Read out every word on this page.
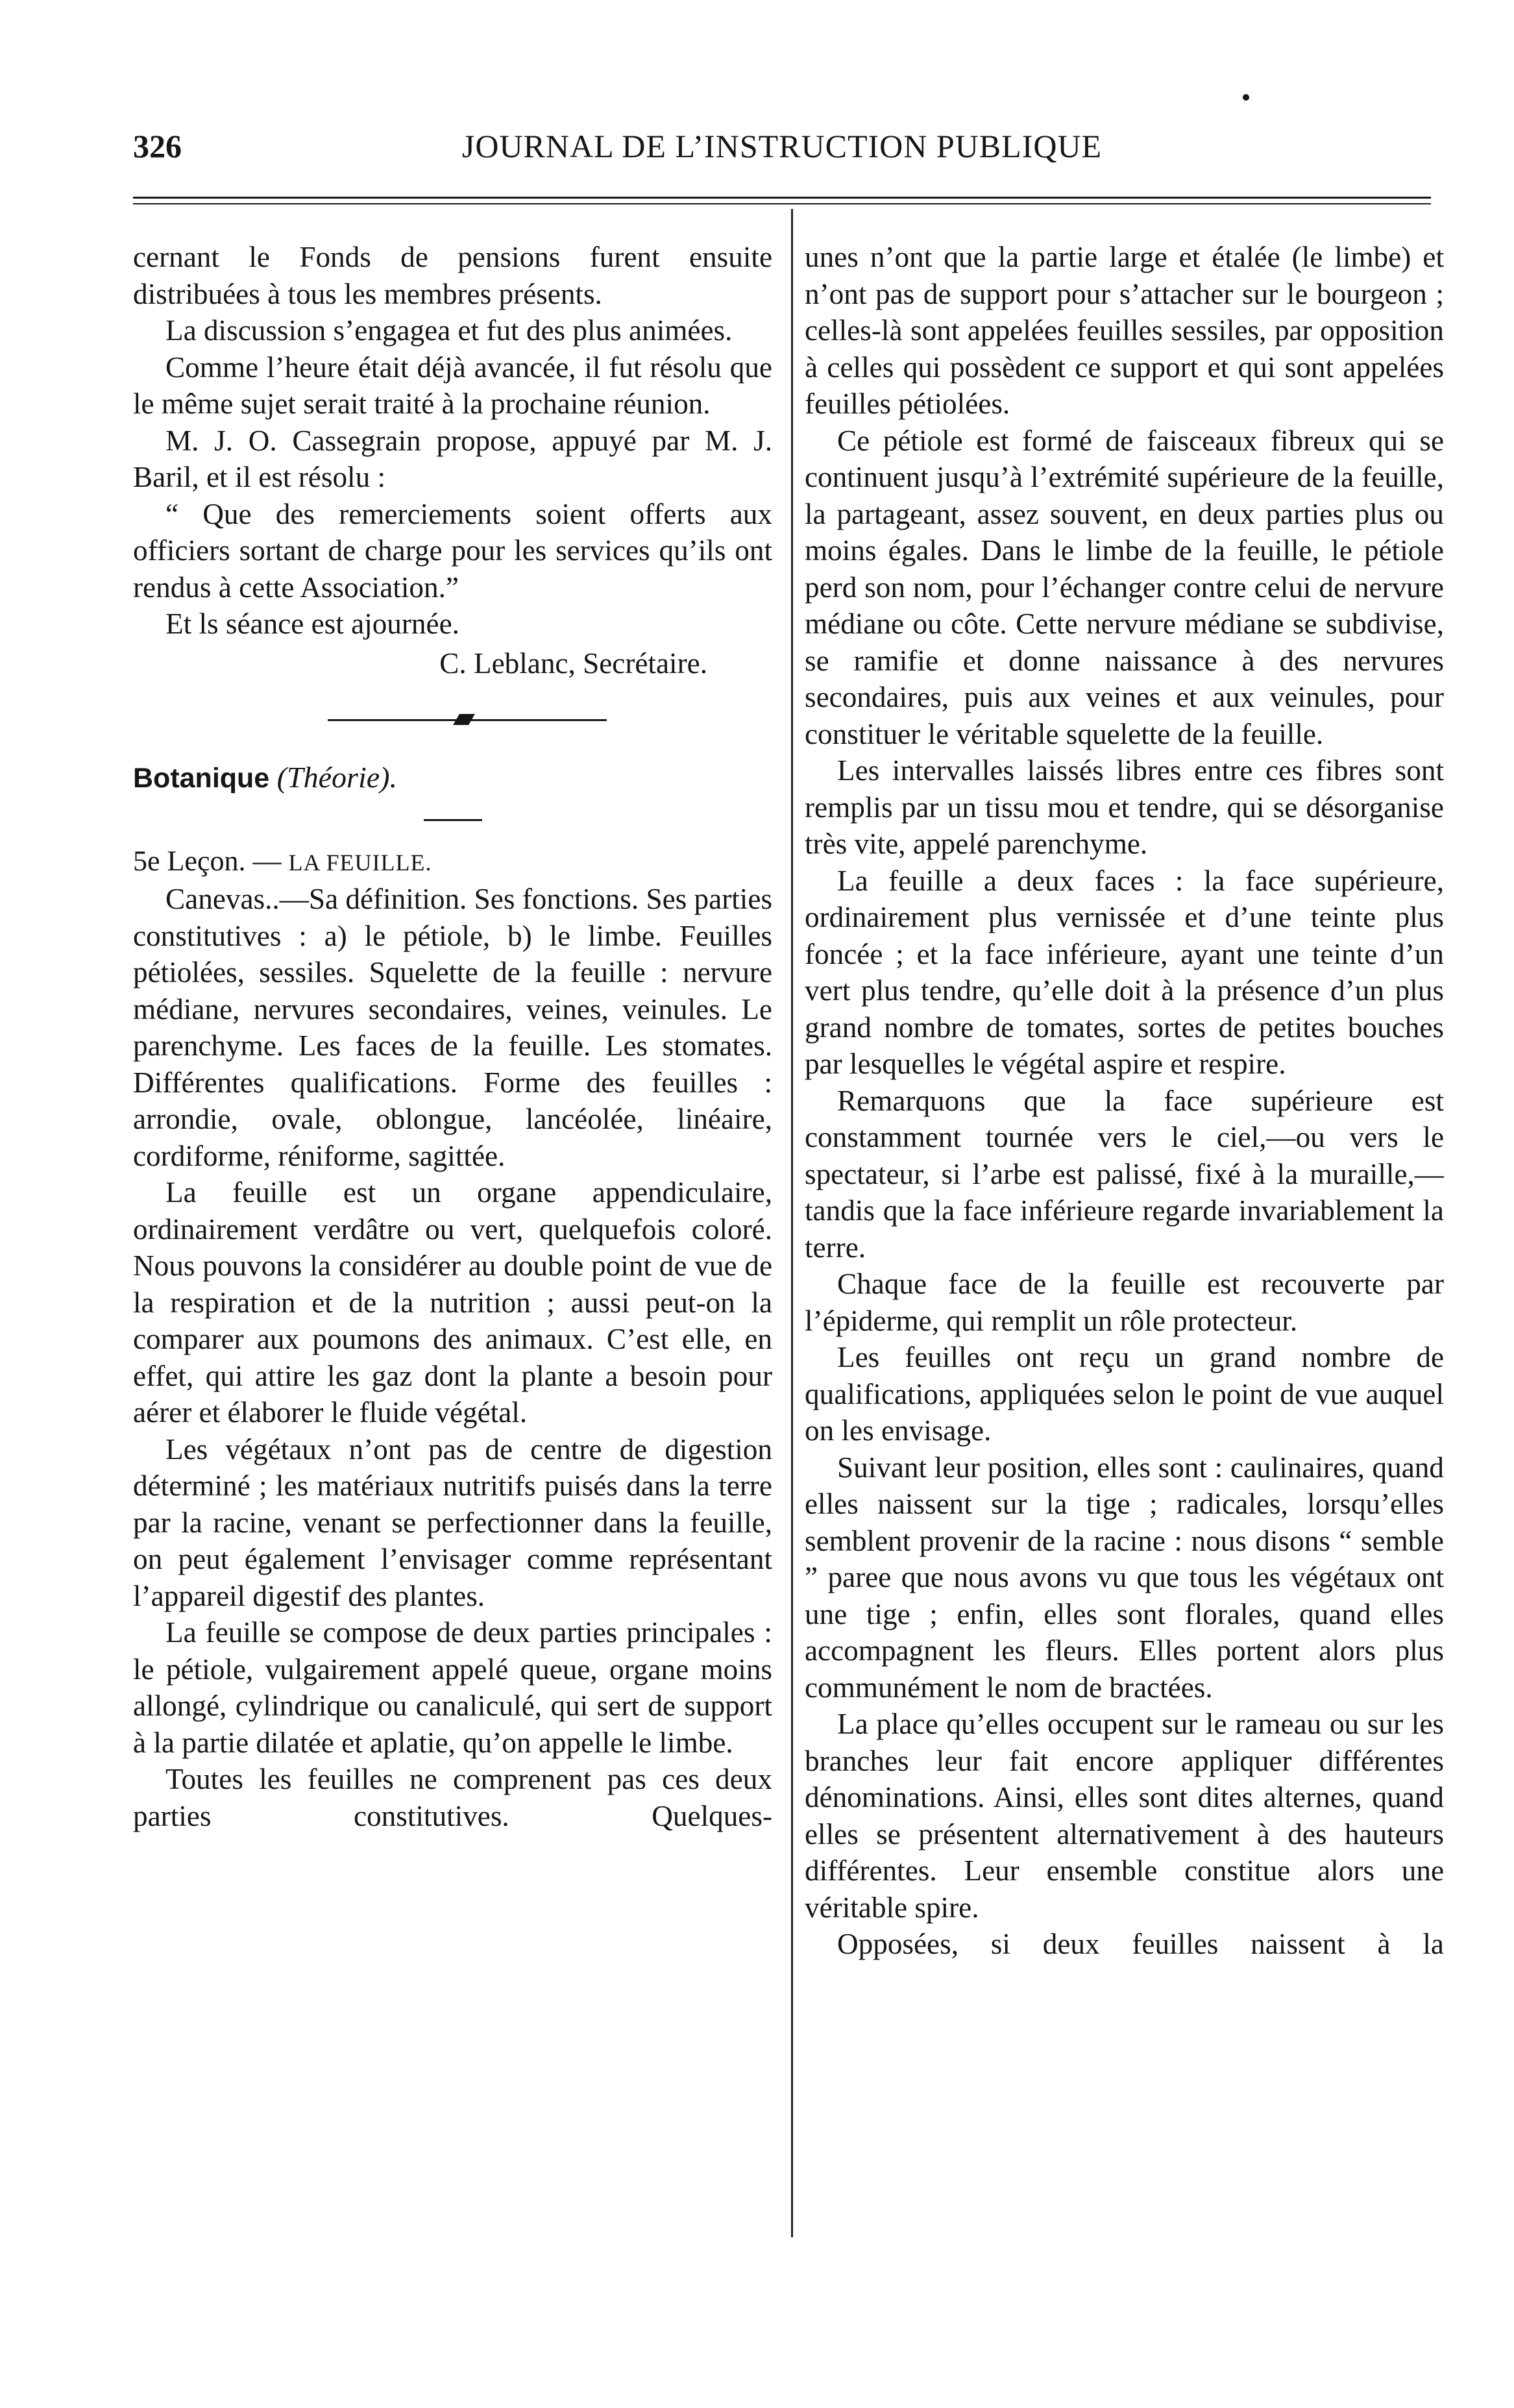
326	JOURNAL DE L’INSTRUCTION PUBLIQUE

cernant le Fonds de pensions furent ensuite distribuées à tous les membres présents.

La discussion s’engagea et fut des plus animées.

Comme l’heure était déjà avancée, il fut résolu que le même sujet serait traité à la prochaine réunion.

M. J. O. Cassegrain propose, appuyé par M. J. Baril, et il est résolu :

“ Que des remerciements soient offerts aux officiers sortant de charge pour les services qu’ils ont rendus à cette Association.”

Et ls séance est ajournée.

C. Leblanc, Secrétaire.

Botanique (Théorie).

5e Leçon. — LA FEUILLE.

Canevas..—Sa définition. Ses fonctions. Ses parties constitutives : a) le pétiole, b) le limbe. Feuilles pétiolées, sessiles. Squelette de la feuille : nervure médiane, nervures secondaires, veines, veinules. Le parenchyme. Les faces de la feuille. Les stomates. Différentes qualifications. Forme des feuilles : arrondie, ovale, oblongue, lancéolée, linéaire, cordiforme, réniforme, sagittée.

La feuille est un organe appendiculaire, ordinairement verdâtre ou vert, quelquefois coloré. Nous pouvons la considérer au double point de vue de la respiration et de la nutrition ; aussi peut-on la comparer aux poumons des animaux. C’est elle, en effet, qui attire les gaz dont la plante a besoin pour aérer et élaborer le fluide végétal.

Les végétaux n’ont pas de centre de digestion déterminé ; les matériaux nutritifs puisés dans la terre par la racine, venant se perfectionner dans la feuille, on peut également l’envisager comme représentant l’appareil digestif des plantes.

La feuille se compose de deux parties principales : le pétiole, vulgairement appelé queue, organe moins allongé, cylindrique ou canaliculé, qui sert de support à la partie dilatée et aplatie, qu’on appelle le limbe.

Toutes les feuilles ne comprenent pas ces deux parties constitutives. Quelques-

unes n’ont que la partie large et étalée (le limbe) et n’ont pas de support pour s’attacher sur le bourgeon ; celles-là sont appelées feuilles sessiles, par opposition à celles qui possèdent ce support et qui sont appelées feuilles pétiolées.

Ce pétiole est formé de faisceaux fibreux qui se continuent jusqu’à l’extrémité supérieure de la feuille, la partageant, assez souvent, en deux parties plus ou moins égales. Dans le limbe de la feuille, le pétiole perd son nom, pour l’échanger contre celui de nervure médiane ou côte. Cette nervure médiane se subdivise, se ramifie et donne naissance à des nervures secondaires, puis aux veines et aux veinules, pour constituer le véritable squelette de la feuille.

Les intervalles laissés libres entre ces fibres sont remplis par un tissu mou et tendre, qui se désorganise très vite, appelé parenchyme.

La feuille a deux faces : la face supérieure, ordinairement plus vernissée et d’une teinte plus foncée ; et la face inférieure, ayant une teinte d’un vert plus tendre, qu’elle doit à la présence d’un plus grand nombre de tomates, sortes de petites bouches par lesquelles le végétal aspire et respire.

Remarquons que la face supérieure est constamment tournée vers le ciel,—ou vers le spectateur, si l’arbe est palissé, fixé à la muraille,—tandis que la face inférieure regarde invariablement la terre.

Chaque face de la feuille est recouverte par l’épiderme, qui remplit un rôle protecteur.

Les feuilles ont reçu un grand nombre de qualifications, appliquées selon le point de vue auquel on les envisage.

Suivant leur position, elles sont : caulinaires, quand elles naissent sur la tige ; radicales, lorsqu’elles semblent provenir de la racine : nous disons “ semble ” paree que nous avons vu que tous les végétaux ont une tige ; enfin, elles sont florales, quand elles accompagnent les fleurs. Elles portent alors plus communément le nom de bractées.

La place qu’elles occupent sur le rameau ou sur les branches leur fait encore appliquer différentes dénominations. Ainsi, elles sont dites alternes, quand elles se présentent alternativement à des hauteurs différentes. Leur ensemble constitue alors une véritable spire.

Opposées, si deux feuilles naissent à la
